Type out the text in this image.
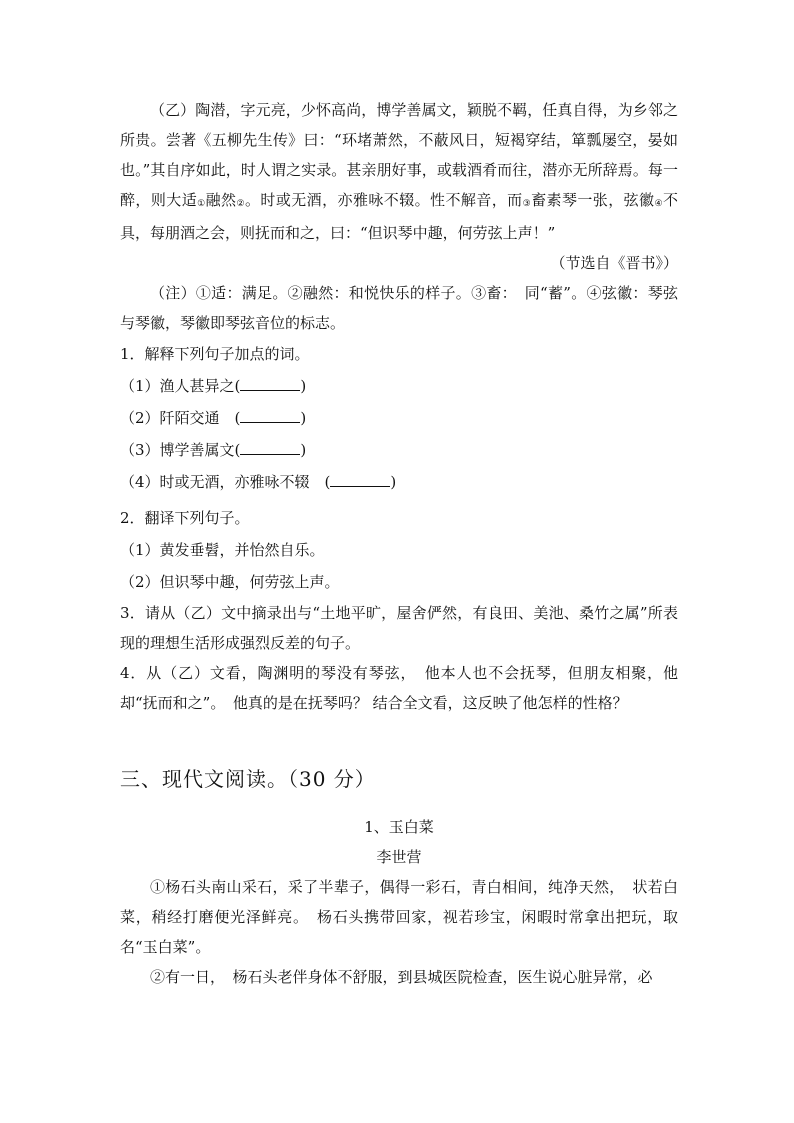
（乙）陶潜，字元亮，少怀高尚，博学善属文，颖脱不羁，任真自得，为乡邻之所贵。尝著《五柳先生传》曰：“环堵萧然，不蔽风日，短褐穿结，箪瓢屡空，晏如也。”其自序如此，时人谓之实录。甚亲朋好事，或载酒肴而往，潜亦无所辞焉。每一醉，则大适①融然②。时或无酒，亦雅咏不辍。性不解音，而③畜素琴一张，弦徽④不具，每朋酒之会，则抚而和之，曰：“但识琴中趣，何劳弦上声！”

（节选自《晋书》）

（注）①适：满足。②融然：和悦快乐的样子。③畜：　同“蓄”。④弦徽：琴弦与琴徽，琴徽即琴弦音位的标志。

1．解释下列句子加点的词。

（1）渔人甚异之(	)

（2）阡陌交通　(	)

（3）博学善属文(	)

（4）时或无酒，亦雅咏不辍　(	)

2．翻译下列句子。

（1）黄发垂髫，并怡然自乐。

（2）但识琴中趣，何劳弦上声。

3．请从（乙）文中摘录出与“土地平旷，屋舍俨然，有良田、美池、桑竹之属”所表现的理想生活形成强烈反差的句子。

4．从（乙）文看，陶渊明的琴没有琴弦，　他本人也不会抚琴，但朋友相聚，他却“抚而和之”。　他真的是在抚琴吗？ 结合全文看，这反映了他怎样的性格？

三、现代文阅读。（30 分）

1、玉白菜

李世营

①杨石头南山采石，采了半辈子，偶得一彩石，青白相间，纯净天然，　状若白菜，稍经打磨便光泽鲜亮。　杨石头携带回家，视若珍宝，闲暇时常拿出把玩，取名“玉白菜”。

②有一日，　杨石头老伴身体不舒服，到县城医院检查，医生说心脏异常，必
